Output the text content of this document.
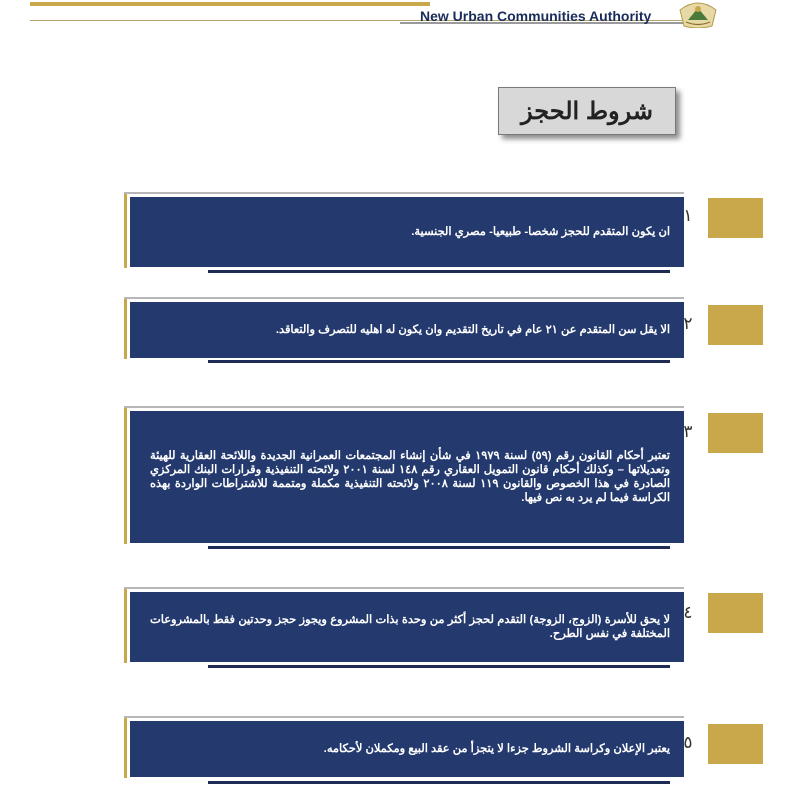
New Urban Communities Authority
شروط الحجز
ان يكون المتقدم للحجز شخصا- طبيعيا- مصري الجنسية.
١
الا يقل سن المتقدم عن ٢١ عام في تاريخ التقديم وان يكون له اهليه للتصرف والتعاقد. ٢
تعتبر أحكام القانون رقم (٥٩) لسنة ١٩٧٩ في شأن إنشاء المجتمعات العمرانية الجديدة واللائحة العقارية للهيئة وتعديلاتها – وكذلك أحكام قانون التمويل العقاري رقم ١٤٨ لسنة ٢٠٠١ ولائحته التنفيذية وقرارات البنك المركزي الصادرة في هذا الخصوص والقانون ١١٩ لسنة ٢٠٠٨ ولائحته التنفيذية مكملة ومتممة للاشتراطات الواردة بهذه الكراسة فيما لم يرد به نص فيها.
٣
لا يحق للأسرة (الزوج، الزوجة) التقدم لحجز أكثر من وحدة بذات المشروع ويجوز حجز وحدتين فقط بالمشروعات المختلفة في نفس الطرح.
٤
يعتبر الإعلان وكراسة الشروط جزءا لا يتجزأ من عقد البيع ومكملان لأحكامه. ٥
